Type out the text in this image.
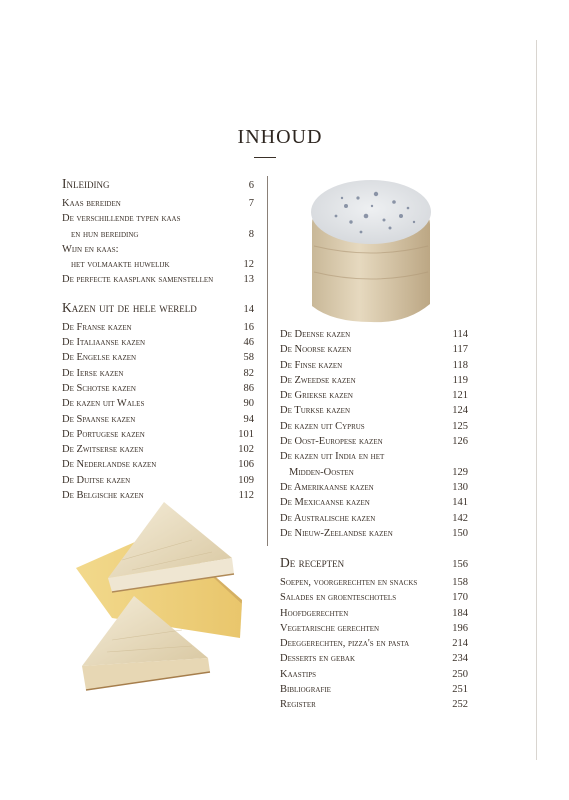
INHOUD
Inleiding	6
Kaas bereiden	7
De verschillende typen kaas
en hun bereiding	8
Wijn en kaas:
het volmaakte huwelijk	12
De perfecte kaasplank samenstellen	13
Kazen uit de hele wereld	14
De Franse kazen	16
De Italiaanse kazen	46
De Engelse kazen	58
De Ierse kazen	82
De Schotse kazen	86
De kazen uit Wales	90
De Spaanse kazen	94
De Portugese kazen	101
De Zwitserse kazen	102
De Nederlandse kazen	106
De Duitse kazen	109
De Belgische kazen	112
De Deense kazen	114
De Noorse kazen	117
De Finse kazen	118
De Zweedse kazen	119
De Griekse kazen	121
De Turkse kazen	124
De kazen uit Cyprus	125
De Oost-Europese kazen	126
De kazen uit India en het
Midden-Oosten	129
De Amerikaanse kazen	130
De Mexicaanse kazen	141
De Australische kazen	142
De Nieuw-Zeelandse kazen	150
De recepten	156
Soepen, voorgerechten en snacks	158
Salades en groenteschotels	170
Hoofdgerechten	184
Vegetarische gerechten	196
Deeggerechten, pizza's en pasta	214
Desserts en gebak	234
Kaastips	250
Bibliografie	251
Register	252
